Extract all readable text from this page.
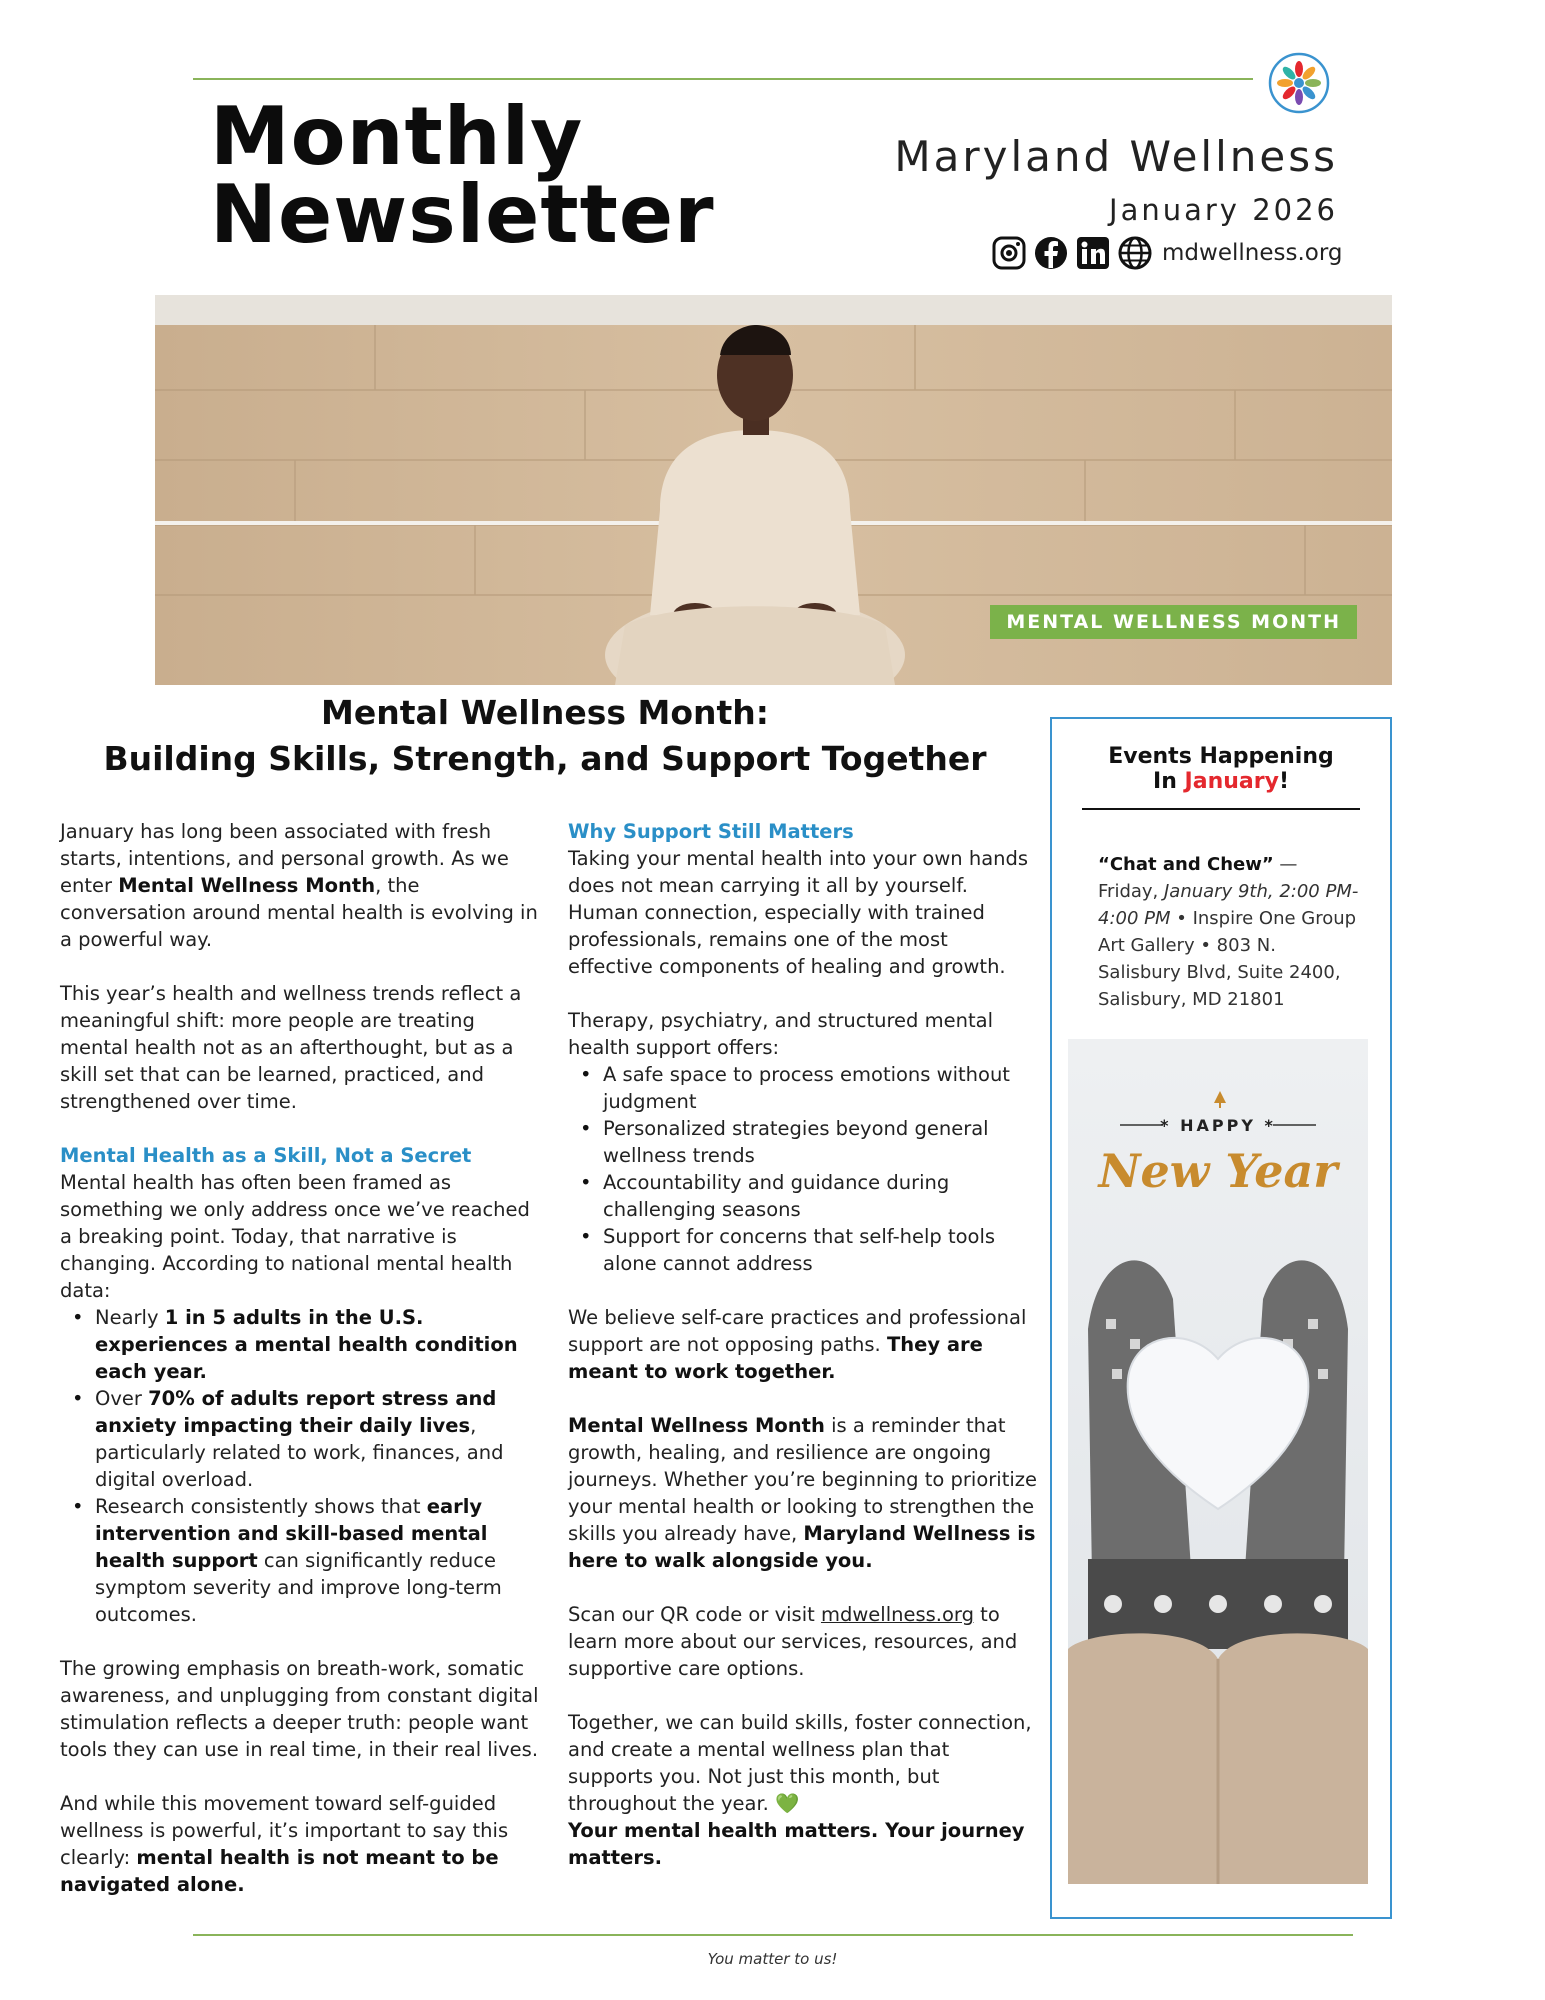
Monthly
Newsletter
Maryland Wellness
January 2026
mdwellness.org
MENTAL WELLNESS MONTH
Mental Wellness Month:
Building Skills, Strength, and Support Together

January has long been associated with fresh starts, intentions, and personal growth. As we enter Mental Wellness Month, the conversation around mental health is evolving in a powerful way.

This year’s health and wellness trends reflect a meaningful shift: more people are treating mental health not as an afterthought, but as a skill set that can be learned, practiced, and strengthened over time.

Mental Health as a Skill, Not a Secret

Mental health has often been framed as something we only address once we’ve reached a breaking point. Today, that narrative is changing. According to national mental health data:

• Nearly 1 in 5 adults in the U.S. experiences a mental health condition each year.
• Over 70% of adults report stress and anxiety impacting their daily lives, particularly related to work, finances, and digital overload.
• Research consistently shows that early intervention and skill-based mental health support can significantly reduce symptom severity and improve long-term outcomes.

The growing emphasis on breath-work, somatic awareness, and unplugging from constant digital stimulation reflects a deeper truth: people want tools they can use in real time, in their real lives.

And while this movement toward self-guided wellness is powerful, it’s important to say this clearly: mental health is not meant to be navigated alone.

Why Support Still Matters

Taking your mental health into your own hands does not mean carrying it all by yourself. Human connection, especially with trained professionals, remains one of the most effective components of healing and growth.

Therapy, psychiatry, and structured mental health support offers:

• A safe space to process emotions without judgment
• Personalized strategies beyond general wellness trends
• Accountability and guidance during challenging seasons
• Support for concerns that self-help tools alone cannot address

We believe self-care practices and professional support are not opposing paths. They are meant to work together.

Mental Wellness Month is a reminder that growth, healing, and resilience are ongoing journeys. Whether you’re beginning to prioritize your mental health or looking to strengthen the skills you already have, Maryland Wellness is here to walk alongside you.

Scan our QR code or visit mdwellness.org to learn more about our services, resources, and supportive care options.

Together, we can build skills, foster connection, and create a mental wellness plan that supports you. Not just this month, but throughout the year. 💚

Your mental health matters. Your journey matters.

Events Happening
In January!
“Chat and Chew” —
Friday, January 9th, 2:00 PM-4:00 PM • Inspire One Group Art Gallery • 803 N. Salisbury Blvd, Suite 2400, Salisbury, MD 21801
* HAPPY *
New Year
You matter to us!
